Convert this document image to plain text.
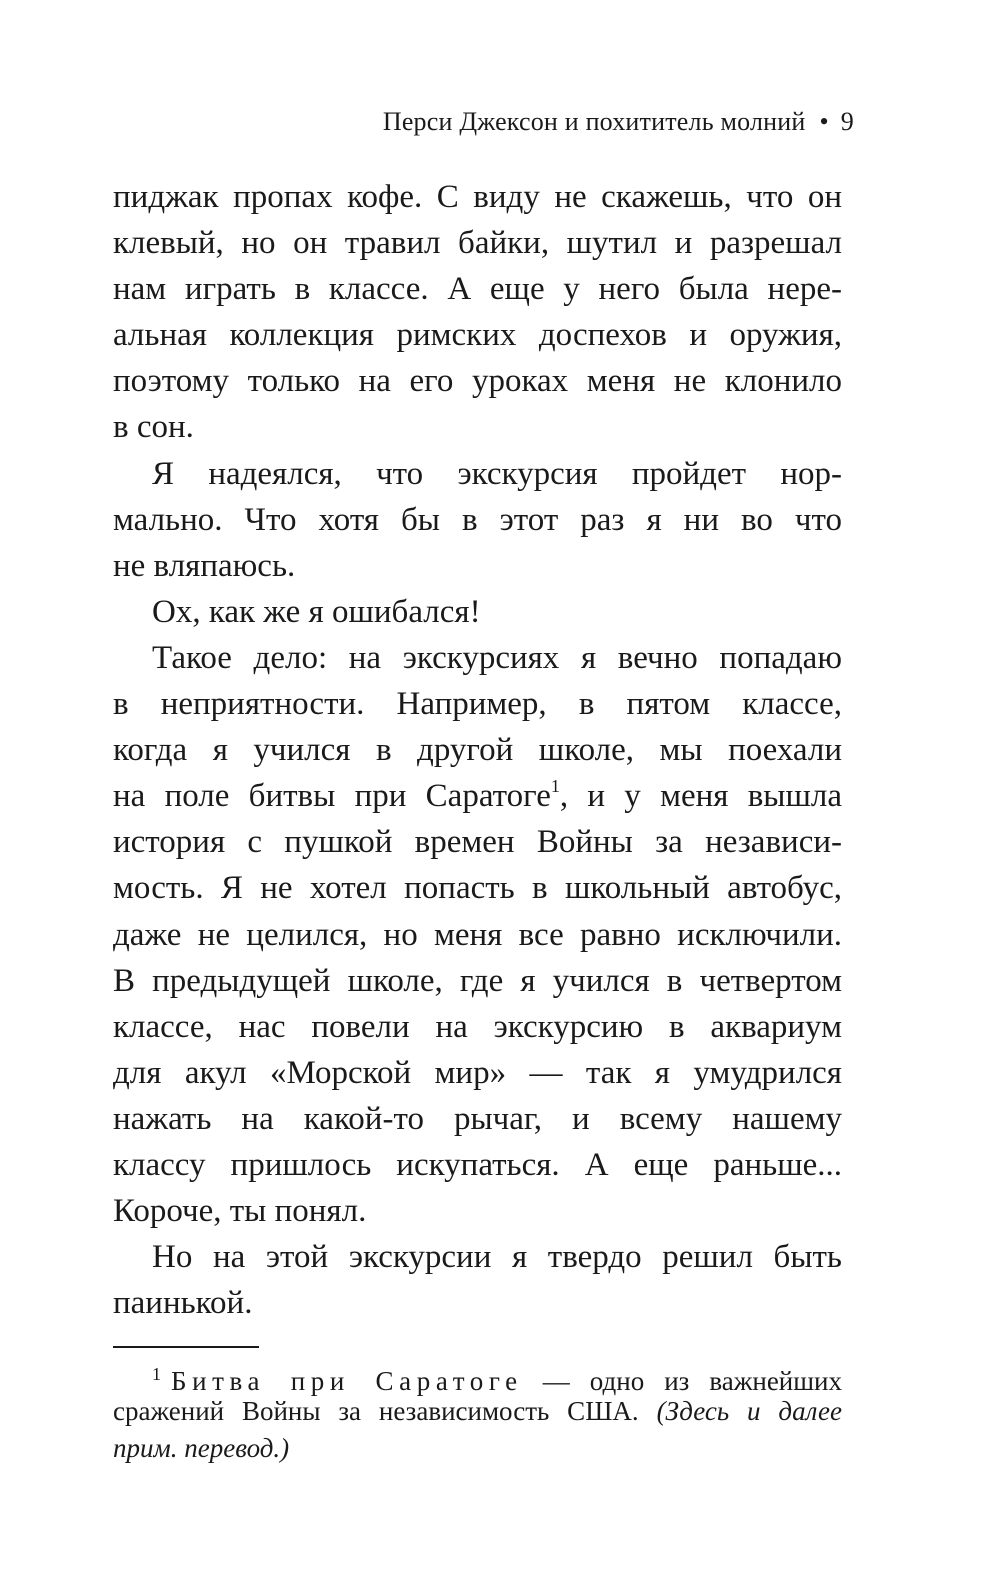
Перси Джексон и похититель молний • 9
пиджак пропах кофе. С виду не скажешь, что он
клевый, но он травил байки, шутил и разрешал
нам играть в классе. А еще у него была нере-
альная коллекция римских доспехов и оружия,
поэтому только на его уроках меня не клонило
в сон.
Я надеялся, что экскурсия пройдет нор-
мально. Что хотя бы в этот раз я ни во что
не вляпаюсь.
Ох, как же я ошибался!
Такое дело: на экскурсиях я вечно попадаю
в неприятности. Например, в пятом классе,
когда я учился в другой школе, мы поехали
на поле битвы при Саратоге$^1$, и у меня вышла
история с пушкой времен Войны за независи-
мость. Я не хотел попасть в школьный автобус,
даже не целился, но меня все равно исключили.
В предыдущей школе, где я учился в четвертом
классе, нас повели на экскурсию в аквариум
для акул «Морской мир» — так я умудрился
нажать на какой-то рычаг, и всему нашему
классу пришлось искупаться. А еще раньше...
Короче, ты понял.
Но на этой экскурсии я твердо решил быть
паинькой.
$^1$ Битва при Саратоге — одно из важнейших
сражений Войны за независимость США. (Здесь и далее
прим. перевод.)
